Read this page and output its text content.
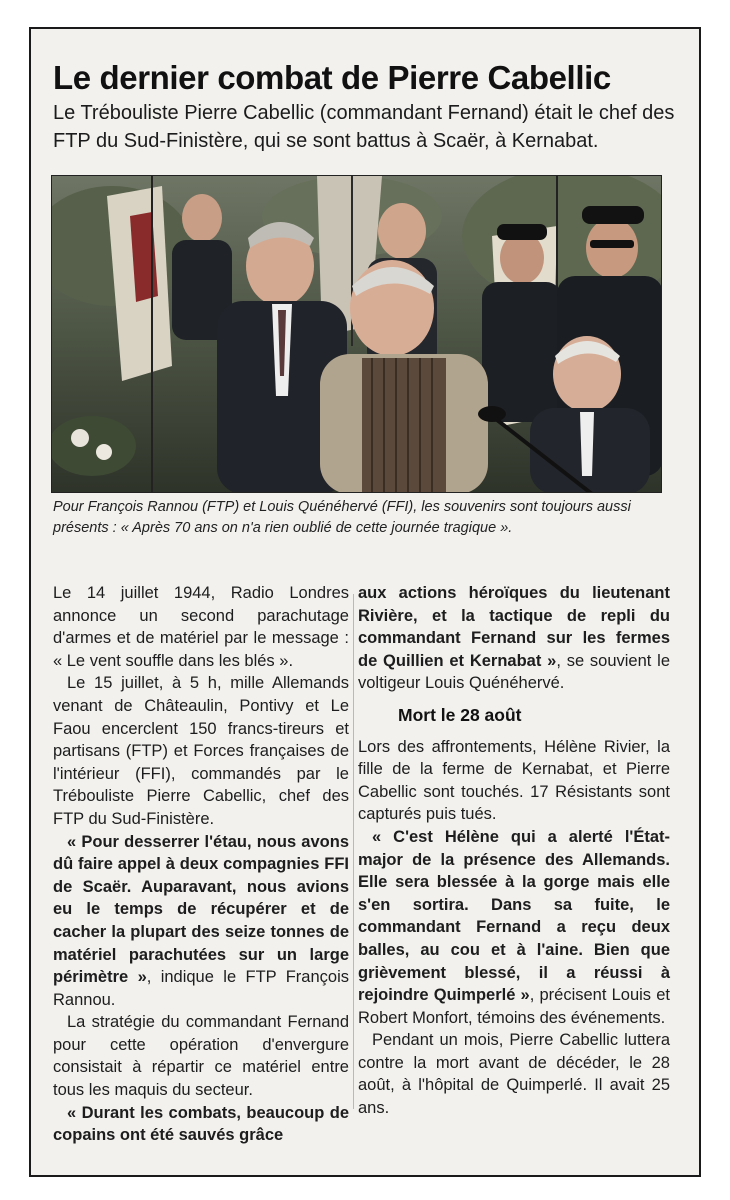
Le dernier combat de Pierre Cabellic

Le Tréboulistе Pierre Cabellic (commandant Fernand) était le chef des FTP du Sud-Finistère, qui se sont battus à Scaër, à Kernabat.

Pour François Rannou (FTP) et Louis Quénéhervé (FFI), les souvenirs sont toujours aussi présents : « Après 70 ans on n'a rien oublié de cette journée tragique ».

Le 14 juillet 1944, Radio Londres annonce un second parachutage d'armes et de matériel par le message : « Le vent souffle dans les blés ».

Le 15 juillet, à 5 h, mille Allemands venant de Châteaulin, Pontivy et Le Faou encerclent 150 francs-tireurs et partisans (FTP) et Forces françaises de l'intérieur (FFI), commandés par le Tréboulistе Pierre Cabellic, chef des FTP du Sud-Finistère.

« Pour desserrer l'étau, nous avons dû faire appel à deux compagnies FFI de Scaër. Auparavant, nous avions eu le temps de récupérer et de cacher la plupart des seize tonnes de matériel parachutées sur un large périmètre », indique le FTP François Rannou.

La stratégie du commandant Fernand pour cette opération d'envergure consistait à répartir ce matériel entre tous les maquis du secteur.

« Durant les combats, beaucoup de copains ont été sauvés grâce

aux actions héroïques du lieutenant Rivière, et la tactique de repli du commandant Fernand sur les fermes de Quillien et Kernabat », se souvient le voltigeur Louis Quénéhervé.

Mort le 28 août

Lors des affrontements, Hélène Rivier, la fille de la ferme de Kernabat, et Pierre Cabellic sont touchés. 17 Résistants sont capturés puis tués.

« C'est Hélène qui a alerté l'État-major de la présence des Allemands. Elle sera blessée à la gorge mais elle s'en sortira. Dans sa fuite, le commandant Fernand a reçu deux balles, au cou et à l'aine. Bien que grièvement blessé, il a réussi à rejoindre Quimperlé », précisent Louis et Robert Monfort, témoins des événements.

Pendant un mois, Pierre Cabellic luttera contre la mort avant de décéder, le 28 août, à l'hôpital de Quimperlé. Il avait 25 ans.
